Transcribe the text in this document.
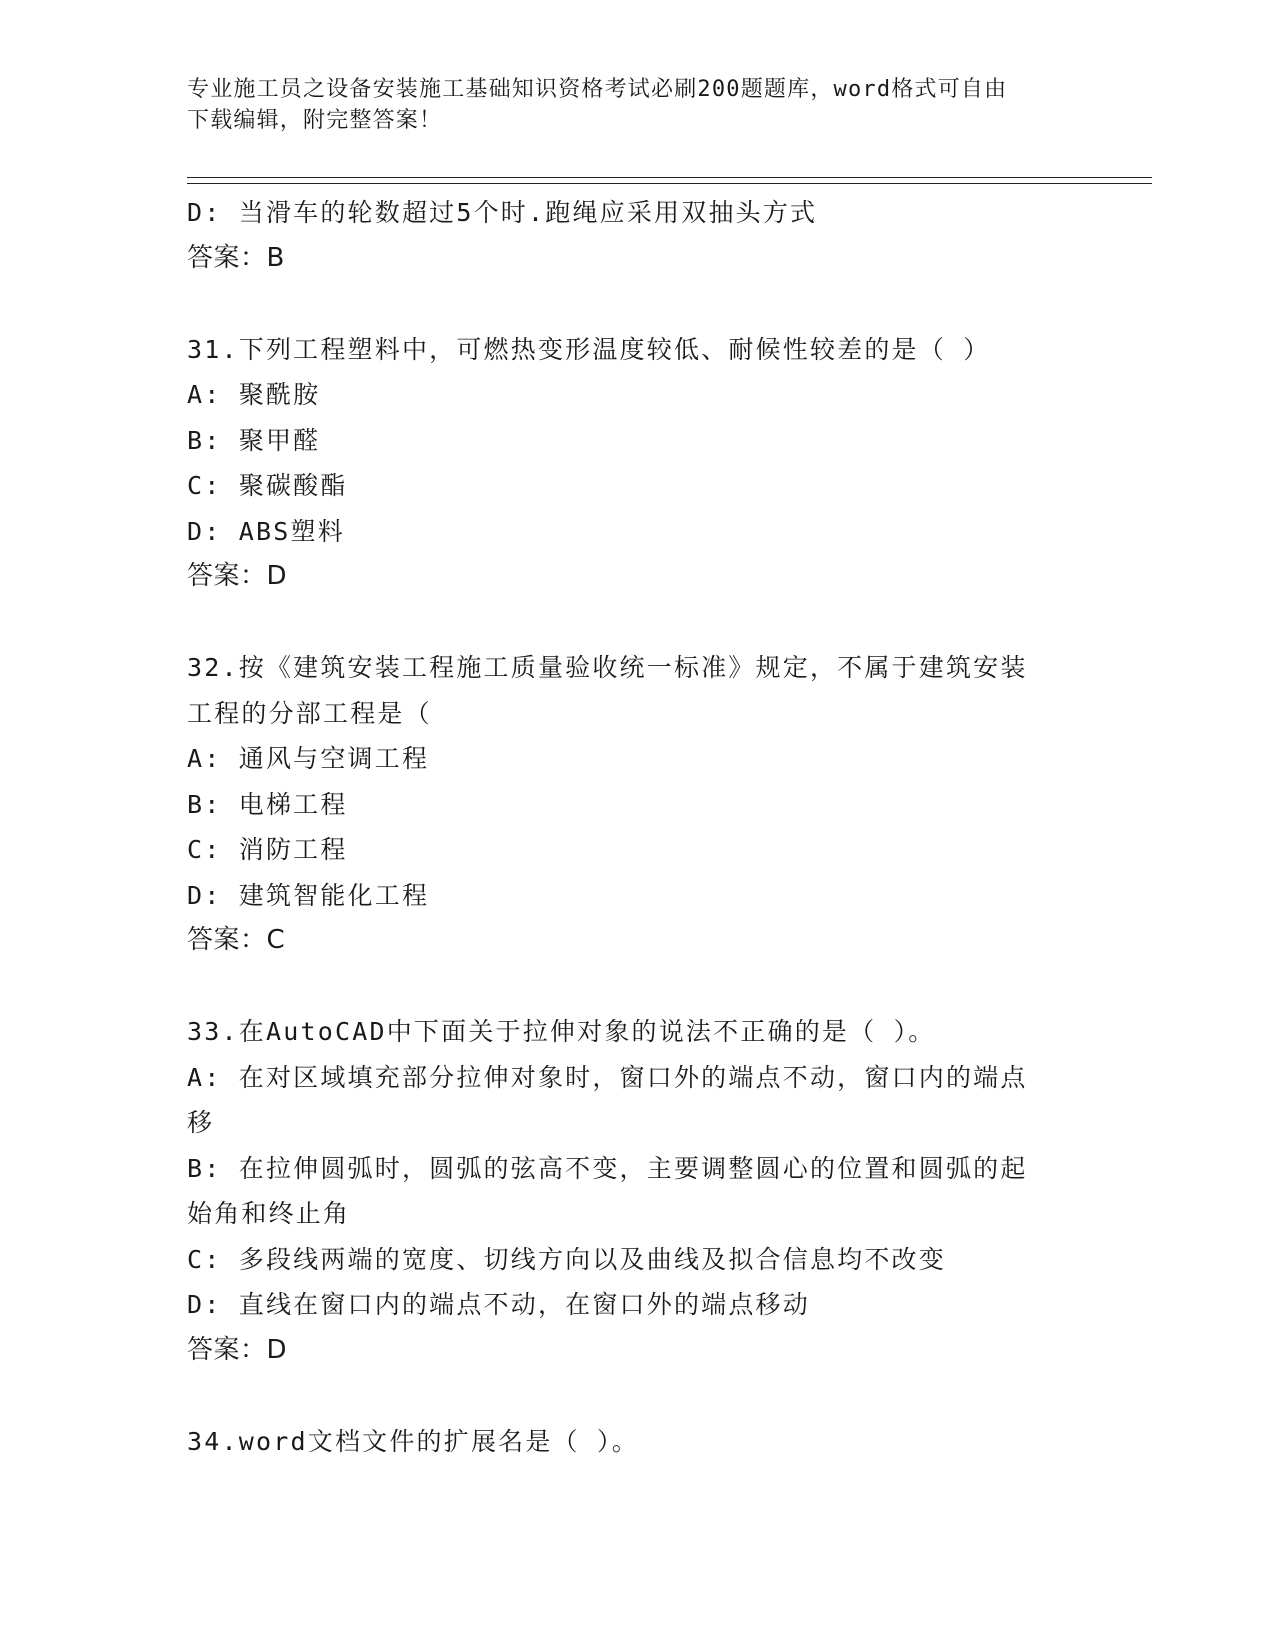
专业施工员之设备安装施工基础知识资格考试必刷200题题库，word格式可自由
下载编辑，附完整答案！
D: 当滑车的轮数超过5个时.跑绳应采用双抽头方式
答案：B
31.下列工程塑料中，可燃热变形温度较低、耐候性较差的是（ ）
A: 聚酰胺
B: 聚甲醛
C: 聚碳酸酯
D: ABS塑料
答案：D
32.按《建筑安装工程施工质量验收统一标准》规定，不属于建筑安装
工程的分部工程是（
A: 通风与空调工程
B: 电梯工程
C: 消防工程
D: 建筑智能化工程
答案：C
33.在AutoCAD中下面关于拉伸对象的说法不正确的是（ ）。
A: 在对区域填充部分拉伸对象时，窗口外的端点不动，窗口内的端点
移
B: 在拉伸圆弧时，圆弧的弦高不变，主要调整圆心的位置和圆弧的起
始角和终止角
C: 多段线两端的宽度、切线方向以及曲线及拟合信息均不改变
D: 直线在窗口内的端点不动，在窗口外的端点移动
答案：D
34.word文档文件的扩展名是（ ）。
